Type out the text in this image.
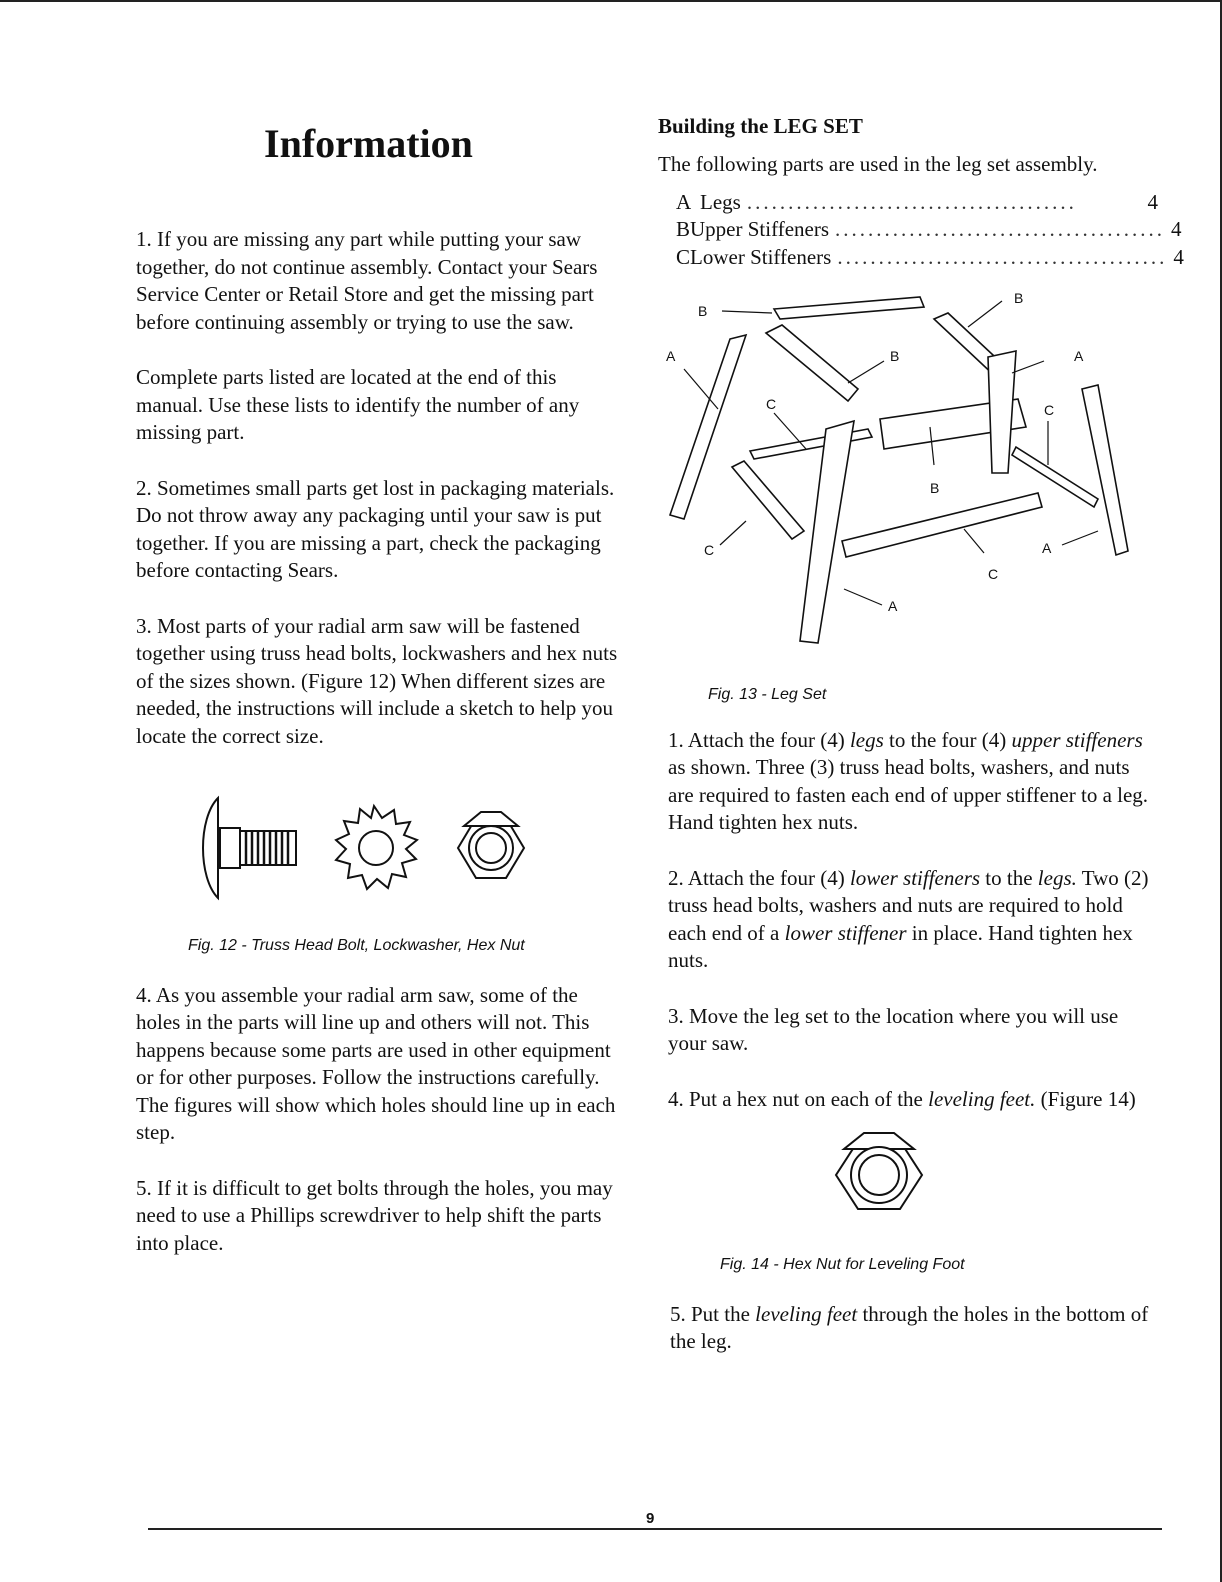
Information

1. If you are missing any part while putting your saw together, do not continue assembly. Contact your Sears Service Center or Retail Store and get the missing part before continuing assembly or trying to use the saw.

Complete parts listed are located at the end of this manual. Use these lists to identify the number of any missing part.

2. Sometimes small parts get lost in packaging materials. Do not throw away any packaging until your saw is put together. If you are missing a part, check the packaging before contacting Sears.

3. Most parts of your radial arm saw will be fastened together using truss head bolts, lockwashers and hex nuts of the sizes shown. (Figure 12) When different sizes are needed, the instructions will include a sketch to help you locate the correct size.

Fig. 12 - Truss Head Bolt, Lockwasher, Hex Nut

4. As you assemble your radial arm saw, some of the holes in the parts will line up and others will not. This happens because some parts are used in other equipment or for other purposes. Follow the instructions carefully. The figures will show which holes should line up in each step.

5. If it is difficult to get bolts through the holes, you may need to use a Phillips screwdriver to help shift the parts into place.

Building the LEG SET

The following parts are used in the leg set assembly.

A Legs ........................................	4
B Upper Stiffeners ........................................ 4
C Lower Stiffeners ........................................ 4
B
B
A	B	A
C	C
B
C	A
C
A

Fig. 13 - Leg Set

1. Attach the four (4) legs to the four (4) upper stiffeners as shown. Three (3) truss head bolts, washers, and nuts are required to fasten each end of upper stiffener to a leg. Hand tighten hex nuts.

2. Attach the four (4) lower stiffeners to the legs. Two (2) truss head bolts, washers and nuts are required to hold each end of a lower stiffener in place. Hand tighten hex nuts.

3. Move the leg set to the location where you will use your saw.

4. Put a hex nut on each of the leveling feet. (Figure 14)

Fig. 14 - Hex Nut for Leveling Foot

5. Put the leveling feet through the holes in the bottom of the leg.

9
